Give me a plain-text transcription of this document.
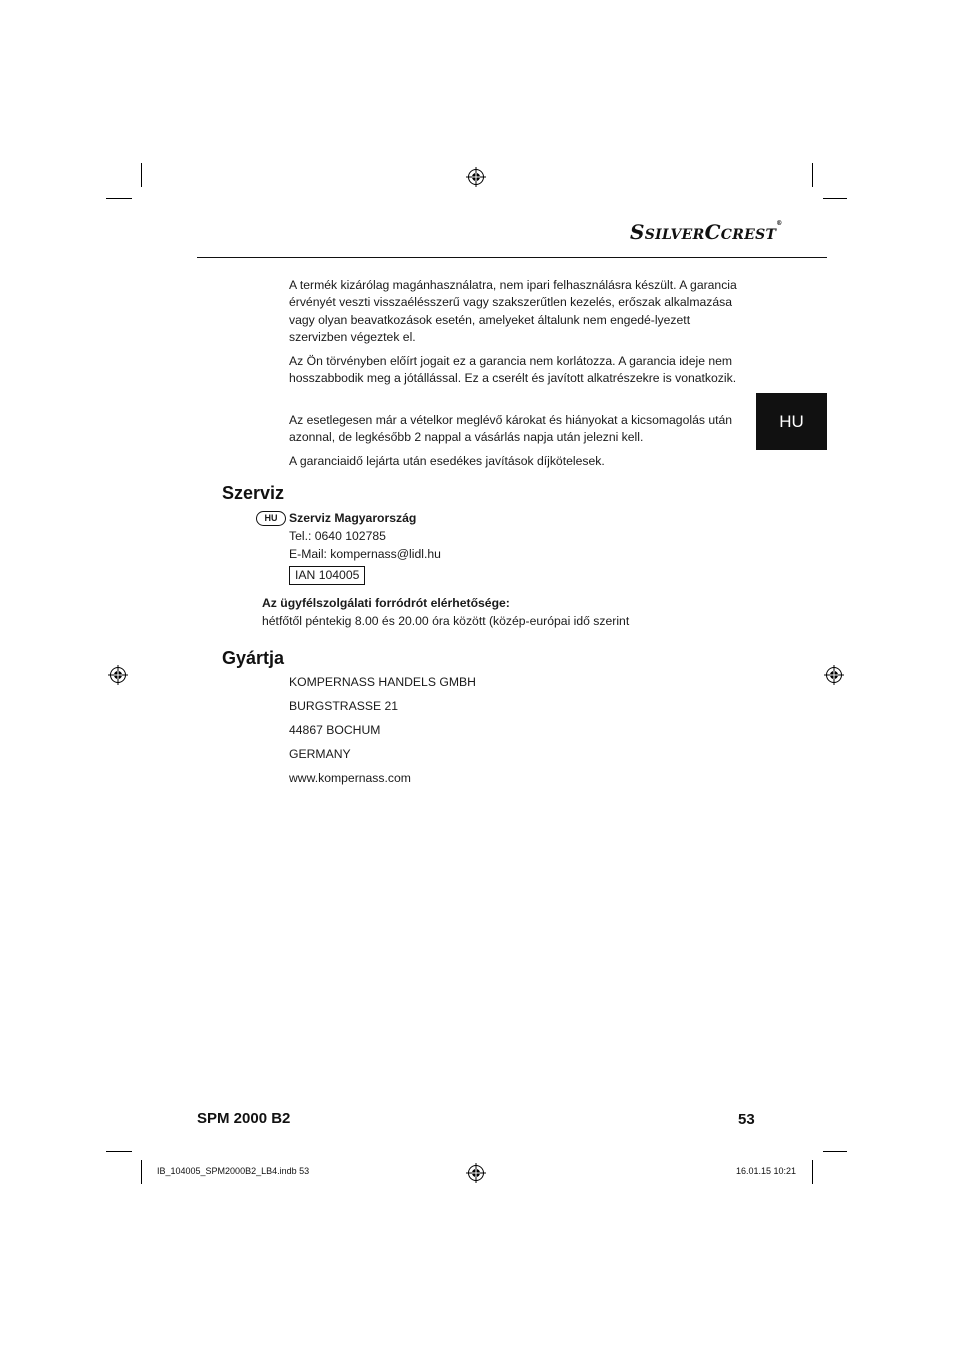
SSILVERCCREST®
HU
A termék kizárólag magánhasználatra, nem ipari felhasználásra készült. A garancia érvényét veszti visszaélésszerű vagy szakszerűtlen kezelés, erőszak alkalmazása vagy olyan beavatkozások esetén, amelyeket általunk nem engedé-lyezett szervizben végeztek el.
Az Ön törvényben előírt jogait ez a garancia nem korlátozza. A garancia ideje nem hosszabbodik meg a jótállással. Ez a cserélt és javított alkatrészekre is vonatkozik.
Az esetlegesen már a vételkor meglévő károkat és hiányokat a kicsomagolás után azonnal, de legkésőbb 2 nappal a vásárlás napja után jelezni kell.
A garanciaidő lejárta után esedékes javítások díjkötelesek.
Szerviz
HU Szerviz Magyarország
Tel.: 0640 102785
E-Mail: kompernass@lidl.hu
IAN 104005
Az ügyfélszolgálati forródrót elérhetősége:
hétfőtől péntekig 8.00 és 20.00 óra között (közép-európai idő szerint
Gyártja
KOMPERNASS HANDELS GMBH
BURGSTRASSE 21
44867 BOCHUM
GERMANY
www.kompernass.com
SPM 2000 B2	53
IB_104005_SPM2000B2_LB4.indb 53	16.01.15 10:21
